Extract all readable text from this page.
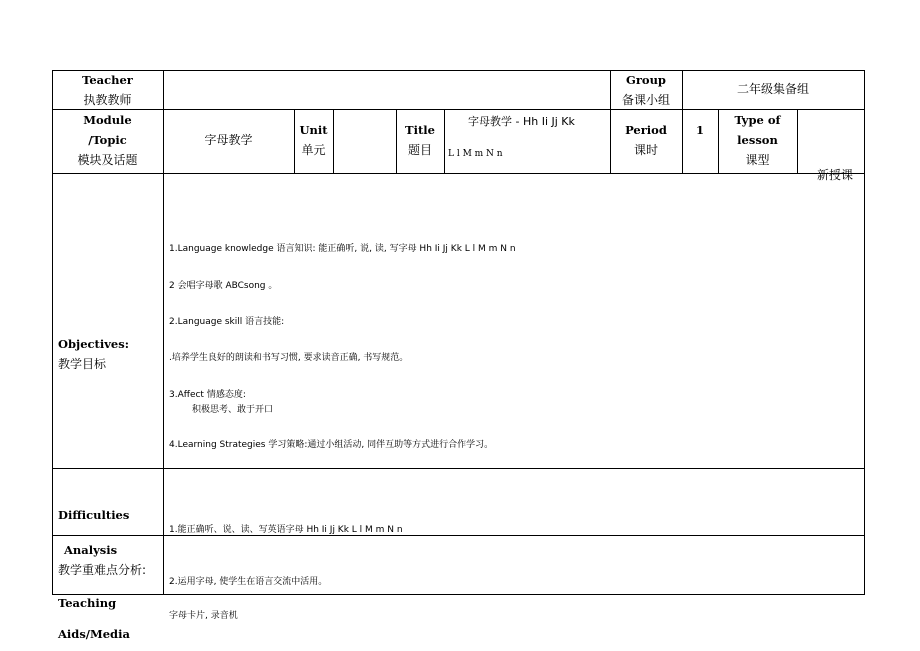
Teacher
执教教师
Group
备课小组
二年级集备组
Module
/Topic
模块及话题
字母教学
Unit
单元
Title
题目
字母教学 - Hh Ii Jj Kk
L l M m N n
Period
课时
1
Type of
lesson
课型
新授课
Objectives:
教学目标
1.Language knowledge 语言知识: 能正确听, 说, 读, 写字母 Hh Ii Jj Kk L l M m N n
2 会唱字母歌 ABCsong 。
2.Language skill 语言技能:
.培养学生良好的朗读和书写习惯, 要求读音正确, 书写规范。
3.Affect 情感态度:
积极思考、敢于开口
4.Learning Strategies 学习策略:通过小组活动, 同伴互助等方式进行合作学习。
Difficulties
1.能正确听、说、读、写英语字母 Hh Ii Jj Kk L l M m N n
Analysis
教学重难点分析:
2.运用字母, 使学生在语言交流中活用。
Teaching
Aids/Media
字母卡片, 录音机
